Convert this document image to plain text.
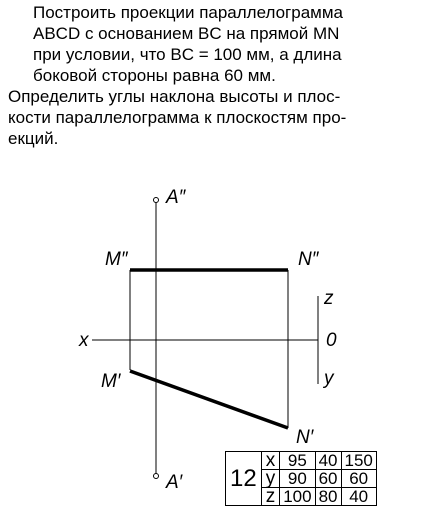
Построить проекции параллелограмма

ABCD с основанием BC на прямой MN

при условии, что BC = 100 мм, а длина

боковой стороны равна 60 мм.

Определить углы наклона высоты и плос-

кости параллелограмма к плоскостям про-

екций.

A″
A′
M″	N″
M′
N′
x	0
z
y
12	x	95	40	150
	y	90	60	60
	z	100	80	40
